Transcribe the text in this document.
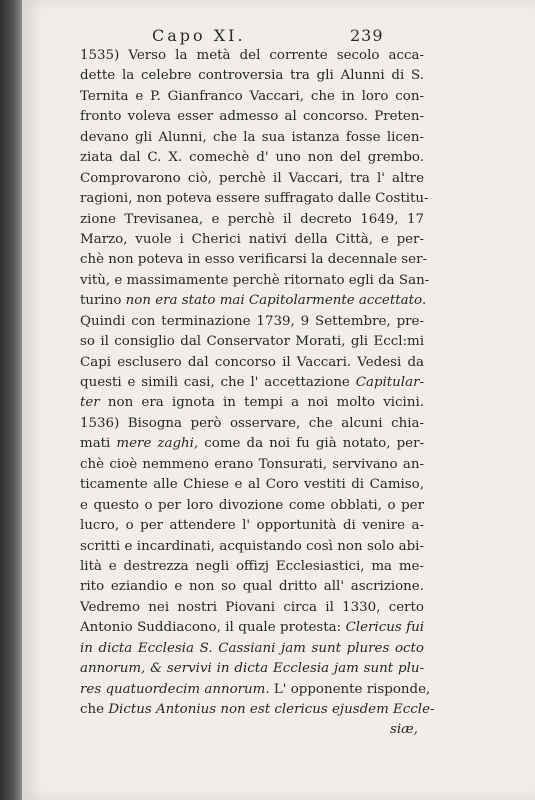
Capo XI.	239
1535) Verso la metà del corrente secolo acca-
dette la celebre controversia tra gli Alunni di S.
Ternita e P. Gianfranco Vaccari, che in loro con-
fronto voleva esser admesso al concorso. Preten-
devano gli Alunni, che la sua istanza fosse licen-
ziata dal C. X. comechè d' uno non del grembo.
Comprovarono ciò, perchè il Vaccari, tra l' altre
ragioni, non poteva essere suffragato dalle Costitu-
zione Trevisanea, e perchè il decreto 1649, 17
Marzo, vuole i Cherici nativi della Città, e per-
chè non poteva in esso verificarsi la decennale ser-
vitù, e massimamente perchè ritornato egli da San-
turino non era stato mai Capitolarmente accettato.
Quindi con terminazione 1739, 9 Settembre, pre-
so il consiglio dal Conservator Morati, gli Eccl:mi
Capi esclusero dal concorso il Vaccari. Vedesi da
questi e simili casi, che l' accettazione Capitular-
ter non era ignota in tempi a noi molto vicini.
1536) Bisogna però osservare, che alcuni chia-
mati mere zaghi, come da noi fu già notato, per-
chè cioè nemmeno erano Tonsurati, servivano an-
ticamente alle Chiese e al Coro vestiti di Camiso,
e questo o per loro divozione come obblati, o per
lucro, o per attendere l' opportunità di venire a-
scritti e incardinati, acquistando così non solo abi-
lità e destrezza negli offizj Ecclesiastici, ma me-
rito eziandio e non so qual dritto all' ascrizione.
Vedremo nei nostri Piovani circa il 1330, certo
Antonio Suddiacono, il quale protesta: Clericus fui
in dicta Ecclesia S. Cassiani jam sunt plures octo
annorum, & servivi in dicta Ecclesia jam sunt plu-
res quatuordecim annorum. L' opponente risponde,
che Dictus Antonius non est clericus ejusdem Eccle-
siæ,
